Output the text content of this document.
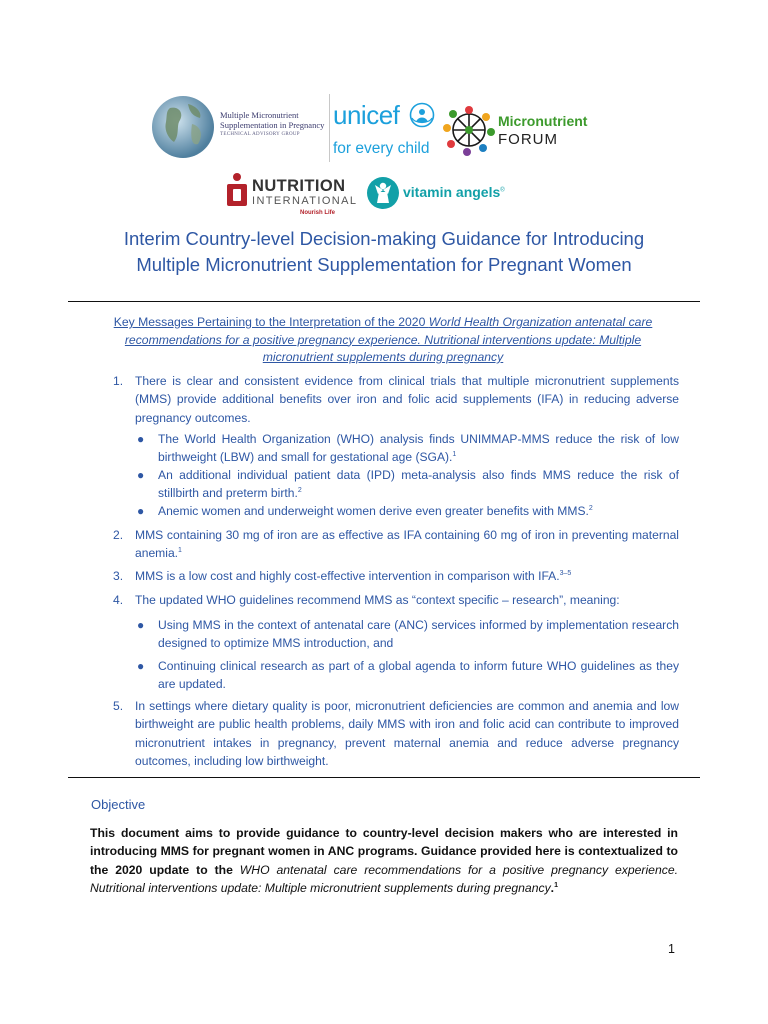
Multiple Micronutrient
Supplementation in Pregnancy
TECHNICAL ADVISORY GROUP
unicef
for every child
Micronutrient
FORUM
NUTRITION
INTERNATIONAL
Nourish Life
vitamin angels®
Interim Country-level Decision-making Guidance for Introducing
Multiple Micronutrient Supplementation for Pregnant Women
Key Messages Pertaining to the Interpretation of the 2020 World Health Organization antenatal care recommendations for a positive pregnancy experience. Nutritional interventions update: Multiple micronutrient supplements during pregnancy
1. There is clear and consistent evidence from clinical trials that multiple micronutrient supplements (MMS) provide additional benefits over iron and folic acid supplements (IFA) in reducing adverse pregnancy outcomes.
● The World Health Organization (WHO) analysis finds UNIMMAP-MMS reduce the risk of low birthweight (LBW) and small for gestational age (SGA).$^1$
● An additional individual patient data (IPD) meta-analysis also finds MMS reduce the risk of stillbirth and preterm birth.$^2$
● Anemic women and underweight women derive even greater benefits with MMS.$^2$
2. MMS containing 30 mg of iron are as effective as IFA containing 60 mg of iron in preventing maternal anemia.$^1$
3. MMS is a low cost and highly cost-effective intervention in comparison with IFA.$^{3-5}$
4. The updated WHO guidelines recommend MMS as “context specific – research”, meaning:
● Using MMS in the context of antenatal care (ANC) services informed by implementation research designed to optimize MMS introduction, and
● Continuing clinical research as part of a global agenda to inform future WHO guidelines as they are updated.
5. In settings where dietary quality is poor, micronutrient deficiencies are common and anemia and low birthweight are public health problems, daily MMS with iron and folic acid can contribute to improved micronutrient intakes in pregnancy, prevent maternal anemia and reduce adverse pregnancy outcomes, including low birthweight.
Objective
This document aims to provide guidance to country-level decision makers who are interested in introducing MMS for pregnant women in ANC programs. Guidance provided here is contextualized to the 2020 update to the WHO antenatal care recommendations for a positive pregnancy experience. Nutritional interventions update: Multiple micronutrient supplements during pregnancy.$^1$
1
